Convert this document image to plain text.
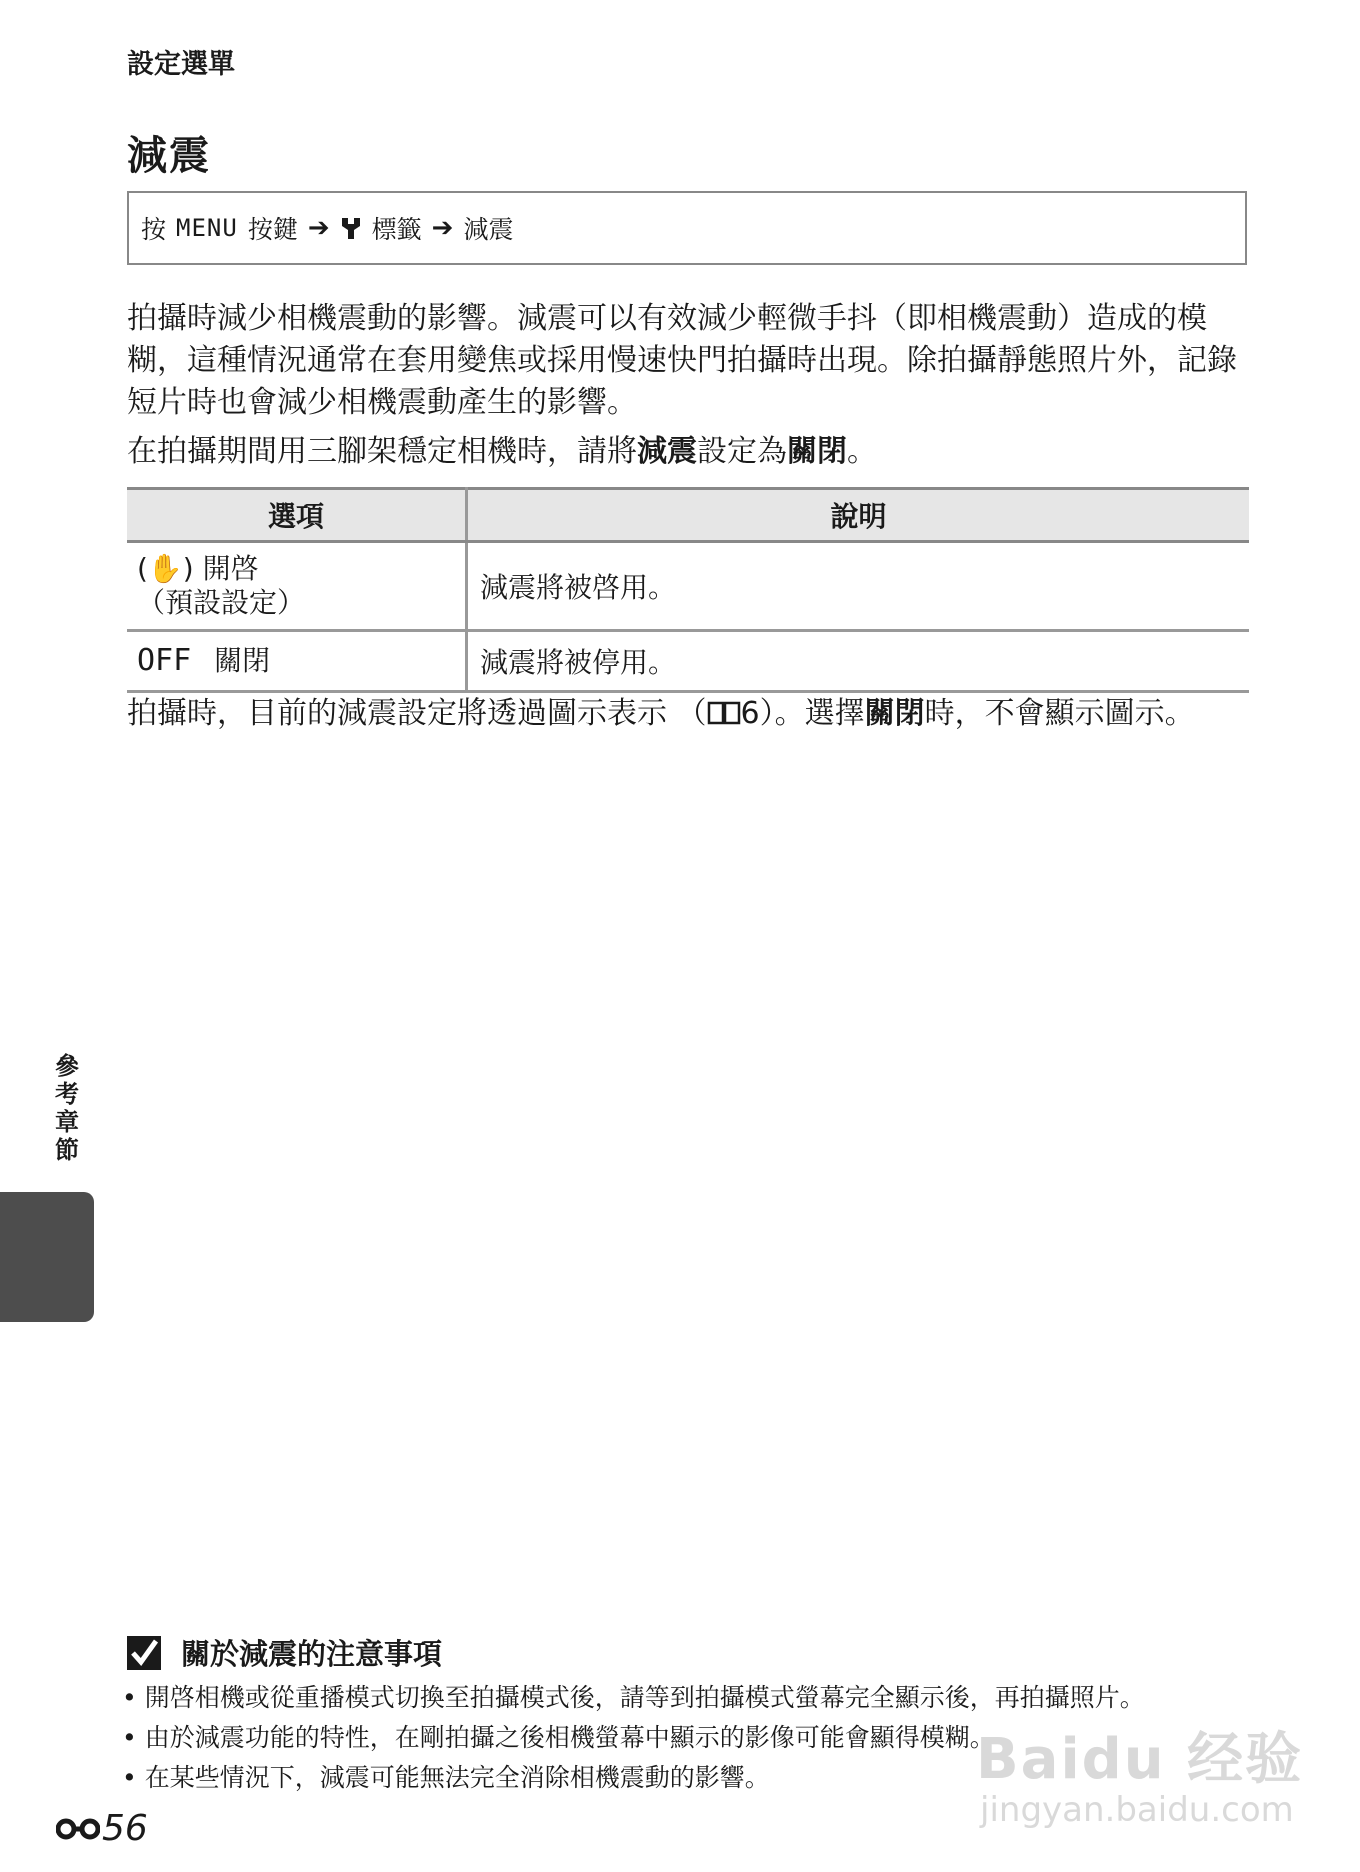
設定選單
減震
按 MENU 按鍵 ➔ 標籤 ➔ 減震
拍攝時減少相機震動的影響。減震可以有效減少輕微手抖（即相機震動）造成的模糊，這種情況通常在套用變焦或採用慢速快門拍攝時出現。除拍攝靜態照片外，記錄短片時也會減少相機震動產生的影響。
在拍攝期間用三腳架穩定相機時，請將減震設定為關閉。
選項	說明
(✋) 開啓
（預設設定）	減震將被啓用。
OFF 關閉	減震將被停用。
拍攝時，目前的減震設定將透過圖示表示 （ 6）。選擇關閉時，不會顯示圖示。
參考章節
關於減震的注意事項
• 開啓相機或從重播模式切換至拍攝模式後，請等到拍攝模式螢幕完全顯示後，再拍攝照片。
• 由於減震功能的特性，在剛拍攝之後相機螢幕中顯示的影像可能會顯得模糊。
• 在某些情況下，減震可能無法完全消除相機震動的影響。
56
Baidu 经验
jingyan.baidu.com
